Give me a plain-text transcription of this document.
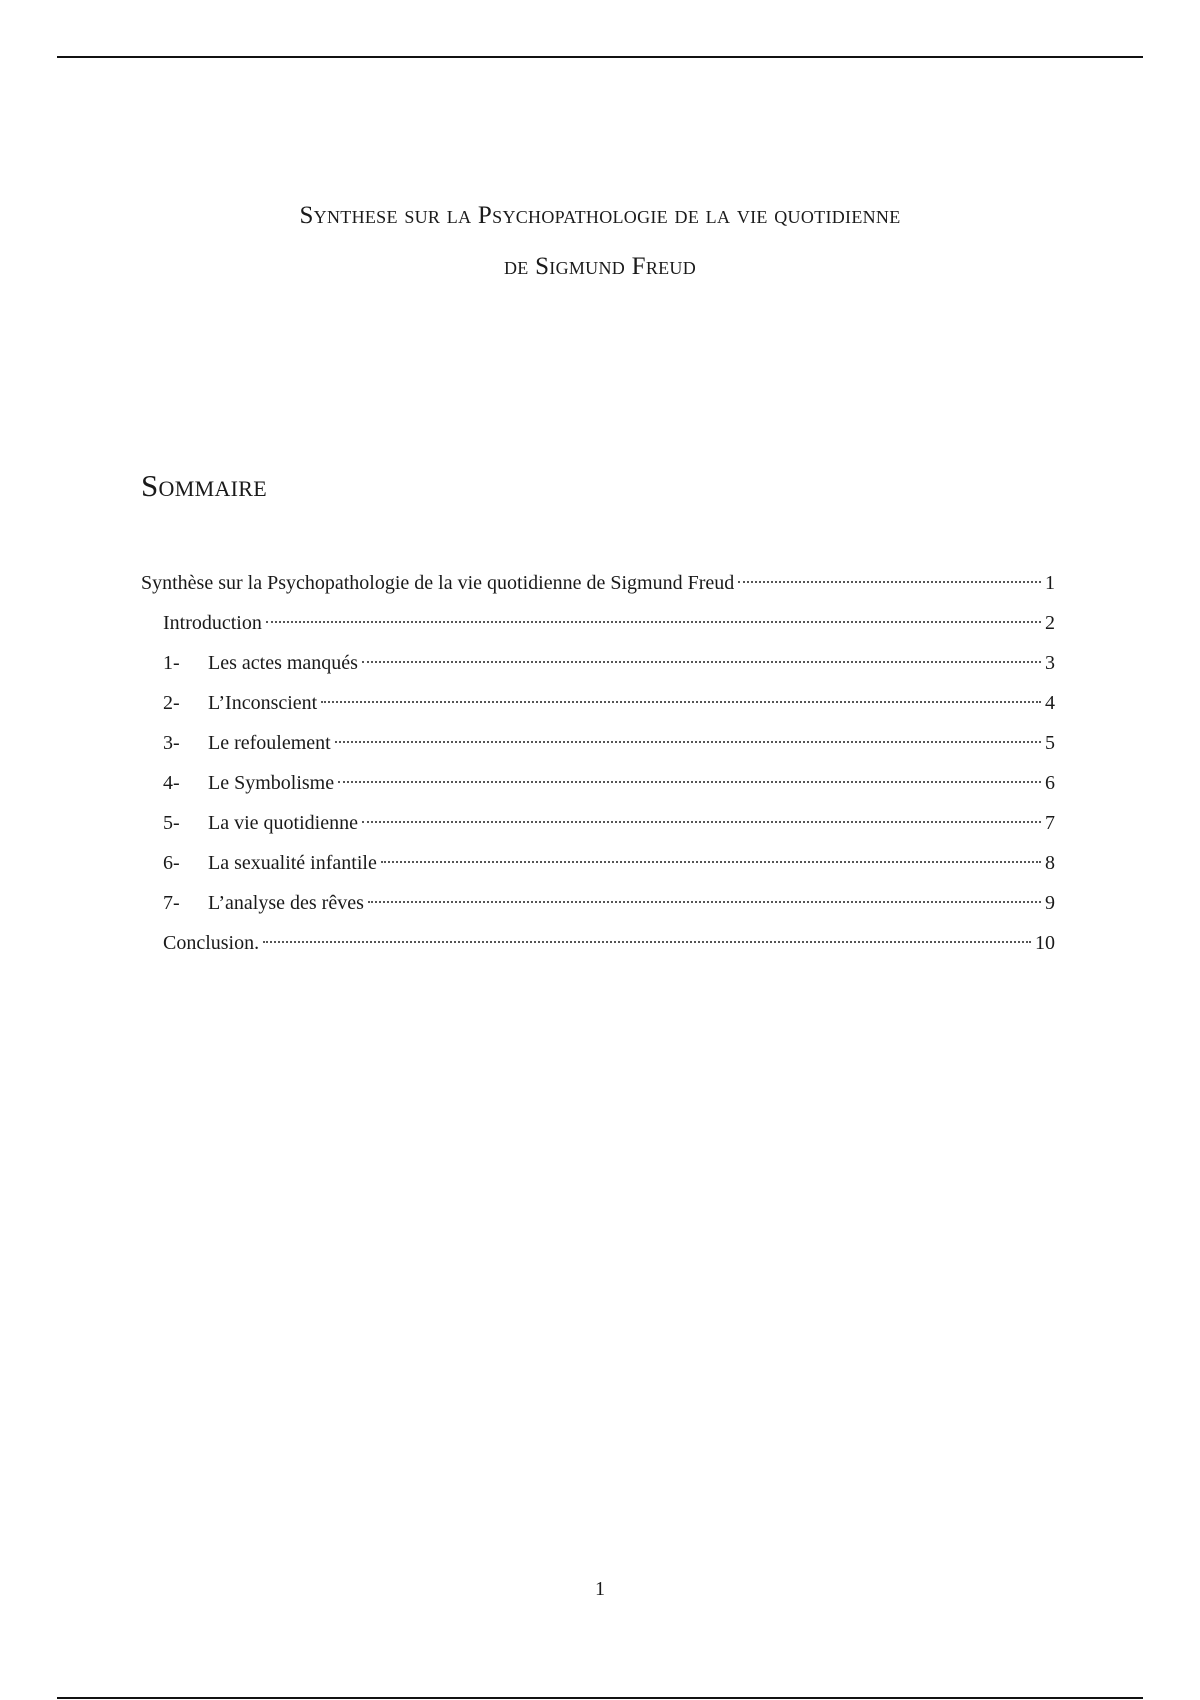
Synthese sur la Psychopathologie de la vie quotidienne
de Sigmund Freud
Sommaire
Synthèse sur la Psychopathologie de la vie quotidienne de Sigmund Freud	1
Introduction	2
1-	Les actes manqués	3
2-	L’Inconscient	4
3-	Le refoulement	5
4-	Le Symbolisme	6
5-	La vie quotidienne	7
6-	La sexualité infantile	8
7-	L’analyse des rêves	9
Conclusion.	10
1
